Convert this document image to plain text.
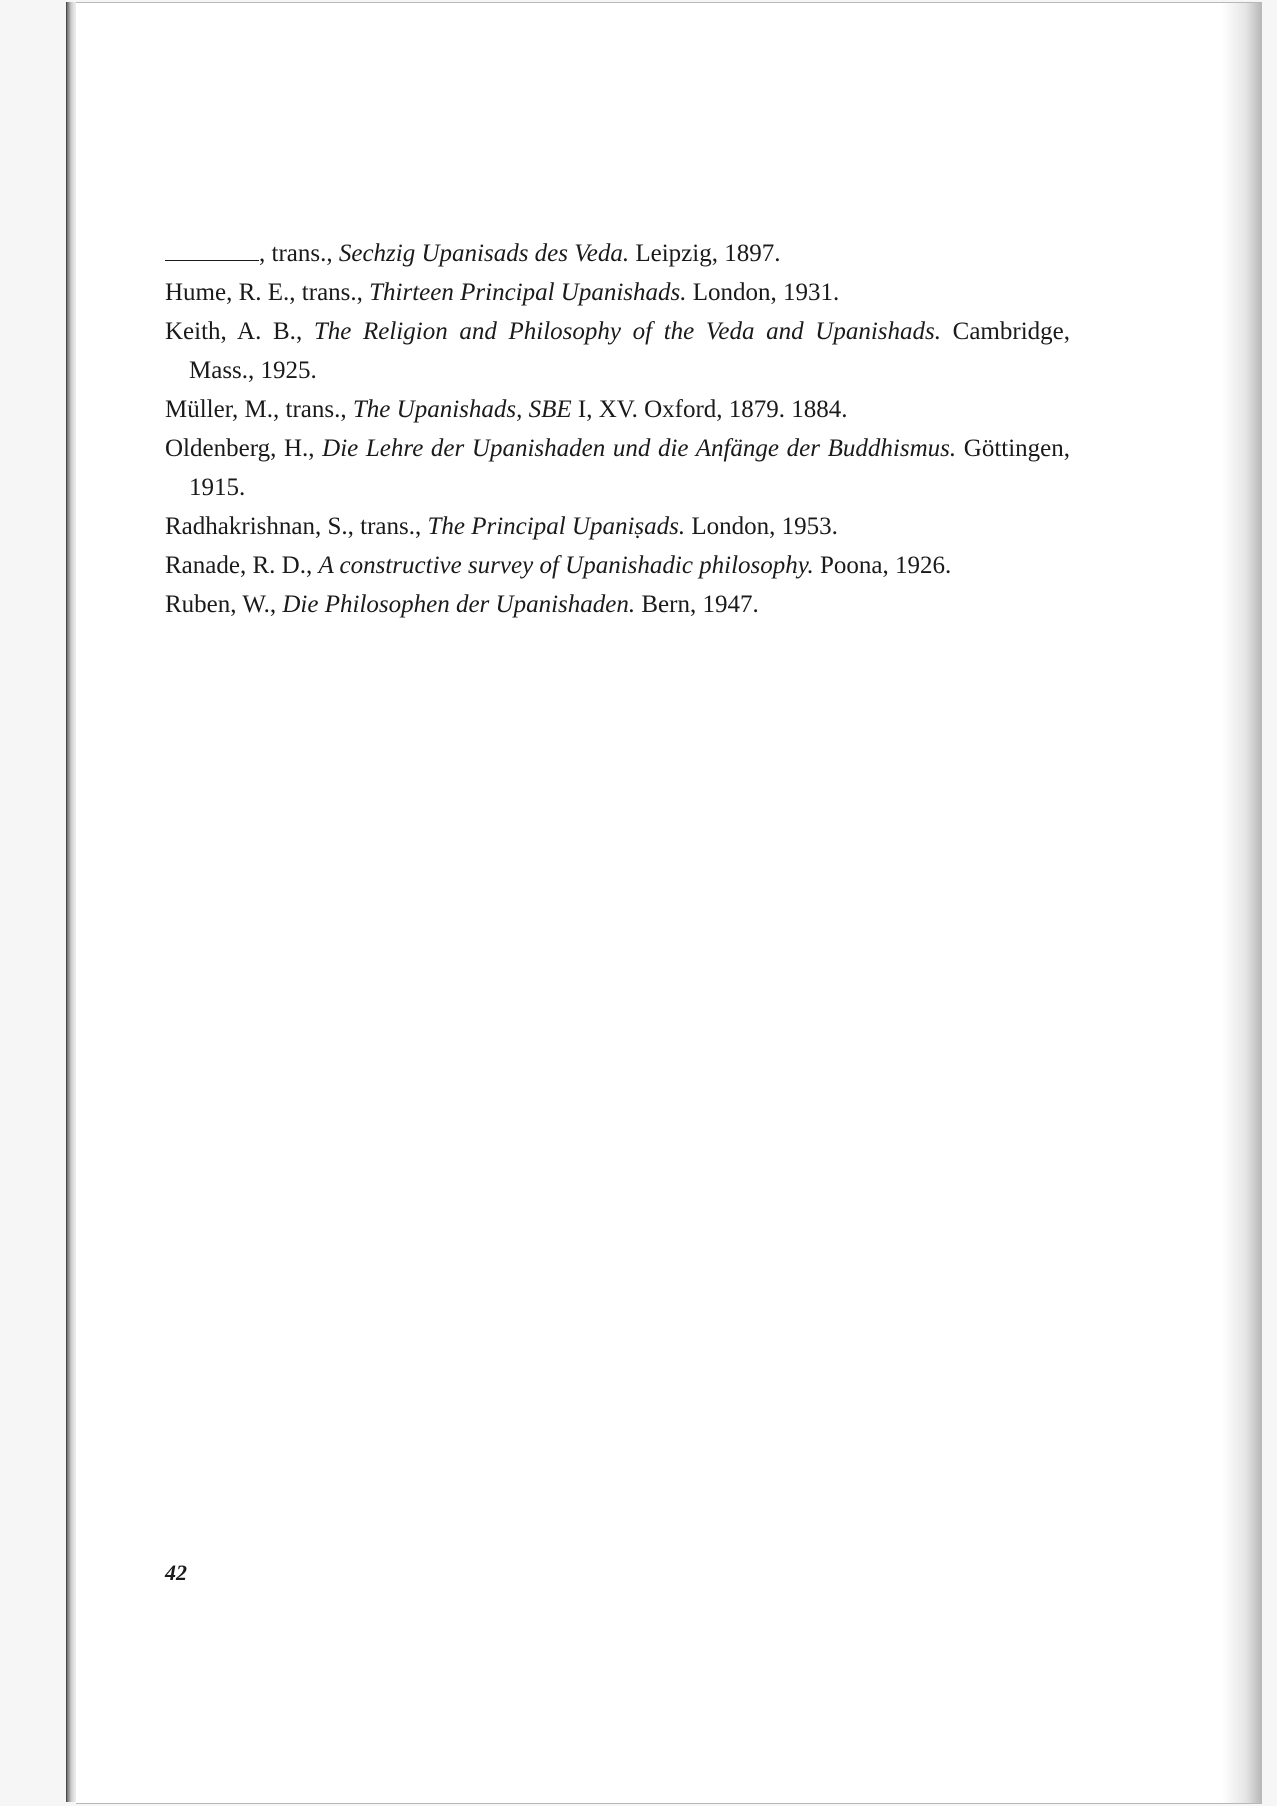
, trans., Sechzig Upanisads des Veda. Leipzig, 1897.

Hume, R. E., trans., Thirteen Principal Upanishads. London, 1931.

Keith, A. B., The Religion and Philosophy of the Veda and Upanishads. Cambridge, Mass., 1925.

Müller, M., trans., The Upanishads, SBE I, XV. Oxford, 1879. 1884.

Oldenberg, H., Die Lehre der Upanishaden und die Anfänge der Buddhismus. Göttingen, 1915.

Radhakrishnan, S., trans., The Principal Upaniṣads. London, 1953.

Ranade, R. D., A constructive survey of Upanishadic philosophy. Poona, 1926.

Ruben, W., Die Philosophen der Upanishaden. Bern, 1947.

42
